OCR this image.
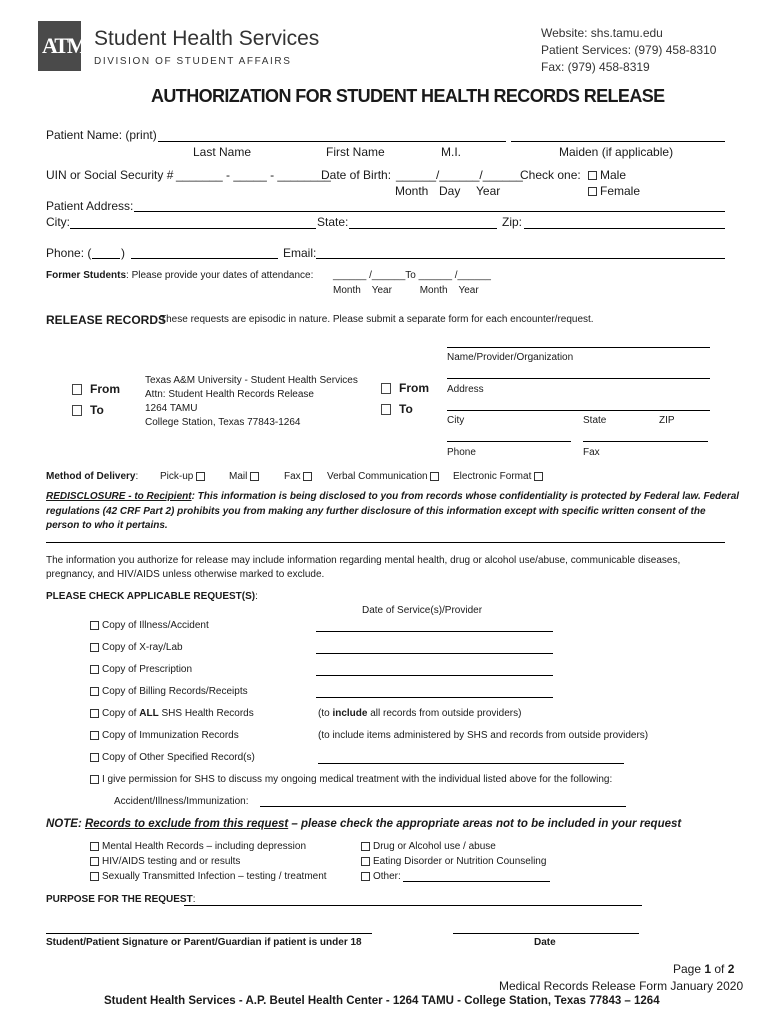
ATM Student Health Services
DIVISION OF STUDENT AFFAIRS
Website: shs.tamu.edu
Patient Services: (979) 458-8310
Fax: (979) 458-8319
AUTHORIZATION FOR STUDENT HEALTH RECORDS RELEASE
Patient Name: (print)
Last Name	First Name	M.I.	Maiden (if applicable)
UIN or Social Security # _______ - _____ - ________
Date of Birth: ______/______/______
Check one:	Male
Month Day Year	Female
Patient Address:
City:	State:	Zip:
Phone: ( )	Email:
Former Students: Please provide your dates of attendance: ______ /______To ______ /______
Month    Year          Month    Year
RELEASE RECORDS
These requests are episodic in nature. Please submit a separate form for each encounter/request.
Name/Provider/Organization
From
To
Texas A&M University - Student Health Services
Attn: Student Health Records Release
1264 TAMU
College Station, Texas 77843-1264
From
To
Address
City	State	ZIP
Phone	Fax
Method of Delivery: Pick-up	Mail	Fax	Verbal Communication	Electronic Format
REDISCLOSURE - to Recipient: This information is being disclosed to you from records whose confidentiality is protected by Federal law. Federal
regulations (42 CRF Part 2) prohibits you from making any further disclosure of this information except with specific written consent of the
person to who it pertains.
The information you authorize for release may include information regarding mental health, drug or alcohol use/abuse, communicable diseases,
pregnancy, and HIV/AIDS unless otherwise marked to exclude.
PLEASE CHECK APPLICABLE REQUEST(S):
Date of Service(s)/Provider
Copy of Illness/Accident
Copy of X-ray/Lab
Copy of Prescription
Copy of Billing Records/Receipts
Copy of ALL SHS Health Records	(to include all records from outside providers)
Copy of Immunization Records	(to include items administered by SHS and records from outside providers)
Copy of Other Specified Record(s)
I give permission for SHS to discuss my ongoing medical treatment with the individual listed above for the following:
Accident/Illness/Immunization:
NOTE: Records to exclude from this request – please check the appropriate areas not to be included in your request
Mental Health Records – including depression
HIV/AIDS testing and or results
Sexually Transmitted Infection – testing / treatment
Drug or Alcohol use / abuse
Eating Disorder or Nutrition Counseling
Other:
PURPOSE FOR THE REQUEST:
Student/Patient Signature or Parent/Guardian if patient is under 18	Date
Page 1 of 2
Medical Records Release Form January 2020
Student Health Services - A.P. Beutel Health Center - 1264 TAMU - College Station, Texas 77843 – 1264
